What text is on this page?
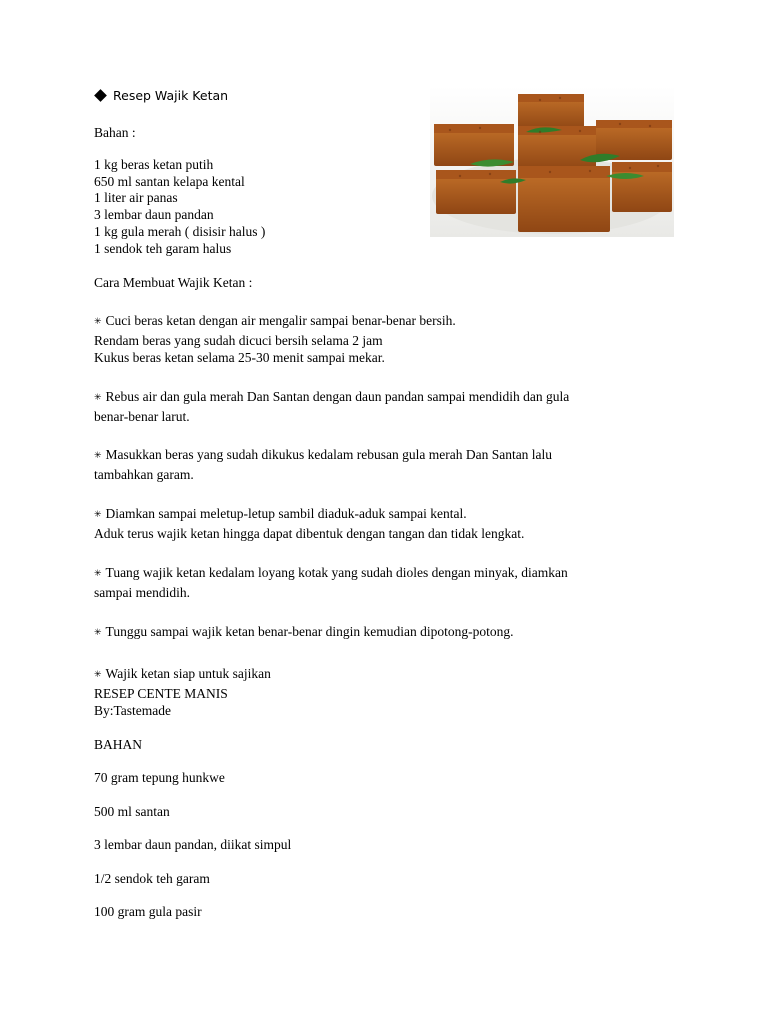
Resep Wajik Ketan
Bahan :
1 kg beras ketan putih
650 ml santan kelapa kental
1 liter air panas
3 lembar daun pandan
1 kg gula merah ( disisir halus )
1 sendok teh garam halus
Cara Membuat Wajik Ketan :
✳ Cuci beras ketan dengan air mengalir sampai benar-benar bersih.
Rendam beras yang sudah dicuci bersih selama 2 jam
Kukus beras ketan selama 25-30 menit sampai mekar.
✳ Rebus air dan gula merah Dan Santan dengan daun pandan sampai mendidih dan gula
benar-benar larut.
✳ Masukkan beras yang sudah dikukus kedalam rebusan gula merah Dan Santan lalu
tambahkan garam.
✳ Diamkan sampai meletup-letup sambil diaduk-aduk sampai kental.
Aduk terus wajik ketan hingga dapat dibentuk dengan tangan dan tidak lengkat.
✳ Tuang wajik ketan kedalam loyang kotak yang sudah dioles dengan minyak, diamkan
sampai mendidih.
✳ Tunggu sampai wajik ketan benar-benar dingin kemudian dipotong-potong.
✳ Wajik ketan siap untuk sajikan
RESEP CENTE MANIS
By:Tastemade
BAHAN
70 gram tepung hunkwe
500 ml santan
3 lembar daun pandan, diikat simpul
1/2 sendok teh garam
100 gram gula pasir
